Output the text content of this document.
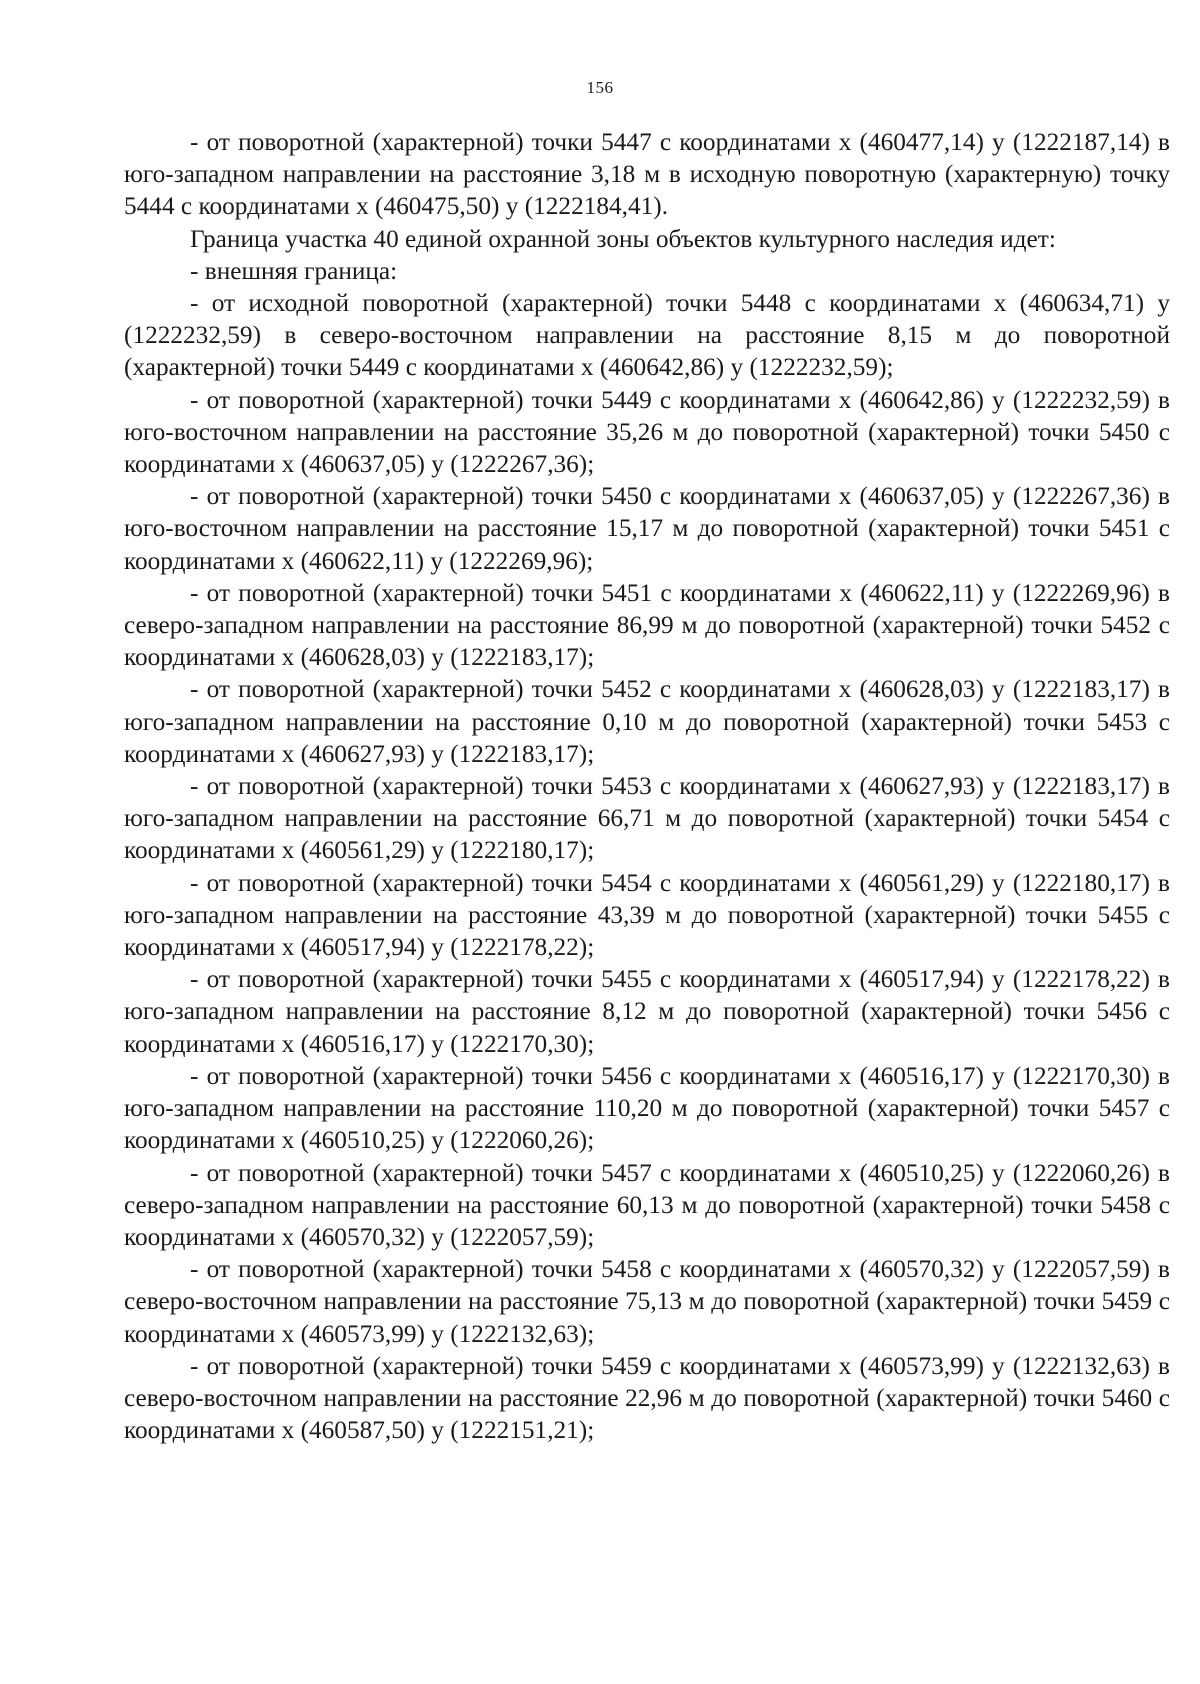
156

- от поворотной (характерной) точки 5447 с координатами х (460477,14) у (1222187,14) в юго-западном направлении на расстояние 3,18 м в исходную поворотную (характерную) точку 5444 с координатами х (460475,50) у (1222184,41).

Граница участка 40 единой охранной зоны объектов культурного наследия идет:

- внешняя граница:

- от исходной поворотной (характерной) точки 5448 с координатами х (460634,71) у (1222232,59) в северо-восточном направлении на расстояние 8,15 м до поворотной (характерной) точки 5449 с координатами х (460642,86) у (1222232,59);

- от поворотной (характерной) точки 5449 с координатами х (460642,86) у (1222232,59) в юго-восточном направлении на расстояние 35,26 м до поворотной (характерной) точки 5450 с координатами х (460637,05) у (1222267,36);

- от поворотной (характерной) точки 5450 с координатами х (460637,05) у (1222267,36) в юго-восточном направлении на расстояние 15,17 м до поворотной (характерной) точки 5451 с координатами х (460622,11) у (1222269,96);

- от поворотной (характерной) точки 5451 с координатами х (460622,11) у (1222269,96) в северо-западном направлении на расстояние 86,99 м до поворотной (характерной) точки 5452 с координатами х (460628,03) у (1222183,17);

- от поворотной (характерной) точки 5452 с координатами х (460628,03) у (1222183,17) в юго-западном направлении на расстояние 0,10 м до поворотной (характерной) точки 5453 с координатами х (460627,93) у (1222183,17);

- от поворотной (характерной) точки 5453 с координатами х (460627,93) у (1222183,17) в юго-западном направлении на расстояние 66,71 м до поворотной (характерной) точки 5454 с координатами х (460561,29) у (1222180,17);

- от поворотной (характерной) точки 5454 с координатами х (460561,29) у (1222180,17) в юго-западном направлении на расстояние 43,39 м до поворотной (характерной) точки 5455 с координатами х (460517,94) у (1222178,22);

- от поворотной (характерной) точки 5455 с координатами х (460517,94) у (1222178,22) в юго-западном направлении на расстояние 8,12 м до поворотной (характерной) точки 5456 с координатами х (460516,17) у (1222170,30);

- от поворотной (характерной) точки 5456 с координатами х (460516,17) у (1222170,30) в юго-западном направлении на расстояние 110,20 м до поворотной (характерной) точки 5457 с координатами х (460510,25) у (1222060,26);

- от поворотной (характерной) точки 5457 с координатами х (460510,25) у (1222060,26) в северо-западном направлении на расстояние 60,13 м до поворотной (характерной) точки 5458 с координатами х (460570,32) у (1222057,59);

- от поворотной (характерной) точки 5458 с координатами х (460570,32) у (1222057,59) в северо-восточном направлении на расстояние 75,13 м до поворотной (характерной) точки 5459 с координатами х (460573,99) у (1222132,63);

- от поворотной (характерной) точки 5459 с координатами х (460573,99) у (1222132,63) в северо-восточном направлении на расстояние 22,96 м до поворотной (характерной) точки 5460 с координатами х (460587,50) у (1222151,21);
